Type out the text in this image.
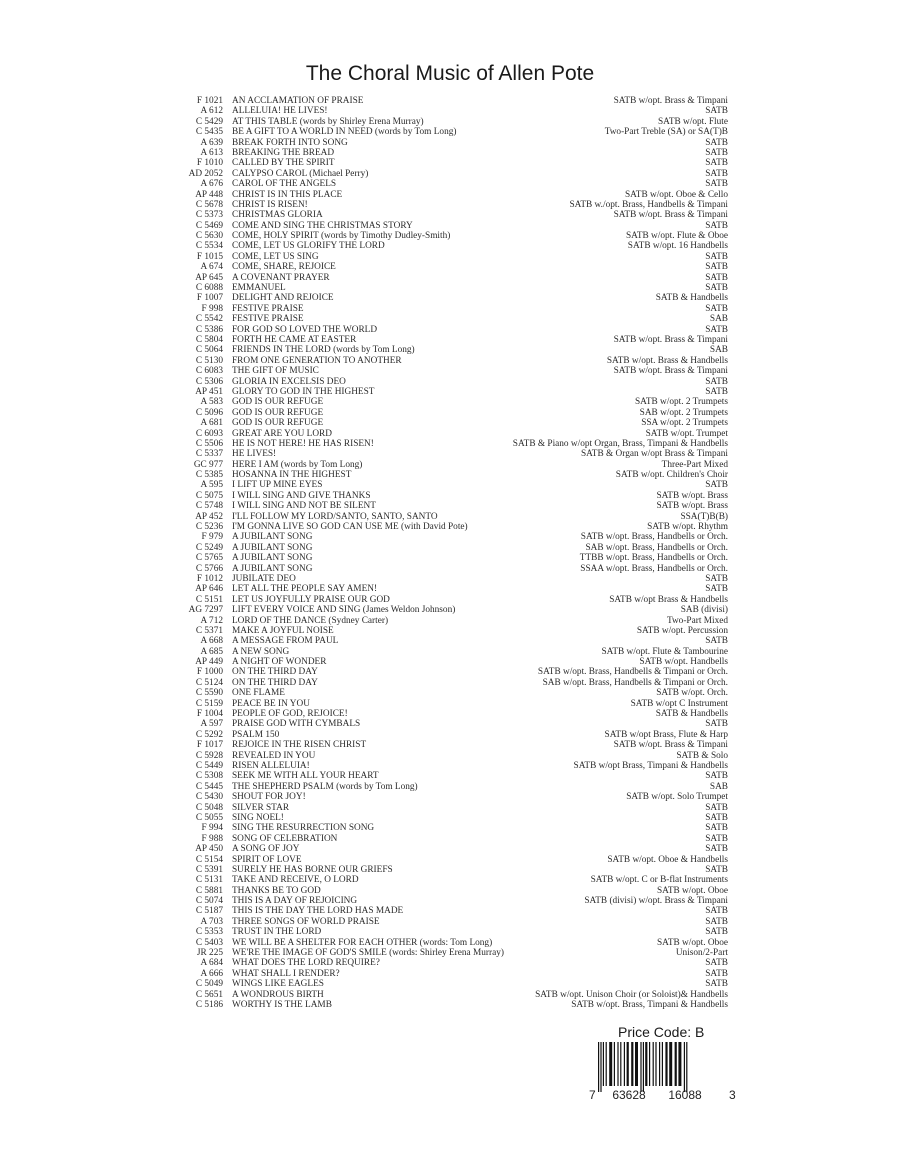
The Choral Music of Allen Pote
F 1021 AN ACCLAMATION OF PRAISE	SATB w/opt. Brass & Timpani
A 612 ALLELUIA! HE LIVES!	SATB
C 5429 AT THIS TABLE (words by Shirley Erena Murray)	SATB w/opt. Flute
C 5435 BE A GIFT TO A WORLD IN NEED (words by Tom Long)	Two-Part Treble (SA) or SA(T)B
A 639 BREAK FORTH INTO SONG	SATB
A 613 BREAKING THE BREAD	SATB
F 1010 CALLED BY THE SPIRIT	SATB
AD 2052 CALYPSO CAROL (Michael Perry)	SATB
A 676 CAROL OF THE ANGELS	SATB
AP 448 CHRIST IS IN THIS PLACE	SATB w/opt. Oboe & Cello
C 5678 CHRIST IS RISEN!	SATB w./opt. Brass, Handbells & Timpani
C 5373 CHRISTMAS GLORIA	SATB w/opt. Brass & Timpani
C 5469 COME AND SING THE CHRISTMAS STORY	SATB
C 5630 COME, HOLY SPIRIT (words by Timothy Dudley-Smith)	SATB w/opt. Flute & Oboe
C 5534 COME, LET US GLORIFY THE LORD	SATB w/opt. 16 Handbells
F 1015 COME, LET US SING	SATB
A 674 COME, SHARE, REJOICE	SATB
AP 645 A COVENANT PRAYER	SATB
C 6088 EMMANUEL	SATB
F 1007 DELIGHT AND REJOICE	SATB & Handbells
F 998 FESTIVE PRAISE	SATB
C 5542 FESTIVE PRAISE	SAB
C 5386 FOR GOD SO LOVED THE WORLD	SATB
C 5804 FORTH HE CAME AT EASTER	SATB w/opt. Brass & Timpani
C 5064 FRIENDS IN THE LORD (words by Tom Long)	SAB
C 5130 FROM ONE GENERATION TO ANOTHER	SATB w/opt. Brass & Handbells
C 6083 THE GIFT OF MUSIC	SATB w/opt. Brass & Timpani
C 5306 GLORIA IN EXCELSIS DEO	SATB
AP 451 GLORY TO GOD IN THE HIGHEST	SATB
A 583 GOD IS OUR REFUGE	SATB w/opt. 2 Trumpets
C 5096 GOD IS OUR REFUGE	SAB w/opt. 2 Trumpets
A 681 GOD IS OUR REFUGE	SSA w/opt. 2 Trumpets
C 6093 GREAT ARE YOU LORD	SATB w/opt. Trumpet
C 5506 HE IS NOT HERE! HE HAS RISEN!	SATB & Piano w/opt Organ, Brass, Timpani & Handbells
C 5337 HE LIVES!	SATB & Organ w/opt Brass & Timpani
GC 977 HERE I AM (words by Tom Long)	Three-Part Mixed
C 5385 HOSANNA IN THE HIGHEST	SATB w/opt. Children's Choir
A 595 I LIFT UP MINE EYES	SATB
C 5075 I WILL SING AND GIVE THANKS	SATB w/opt. Brass
C 5748 I WILL SING AND NOT BE SILENT	SATB w/opt. Brass
AP 452 I'LL FOLLOW MY LORD/SANTO, SANTO, SANTO	SSA(T)B(B)
C 5236 I'M GONNA LIVE SO GOD CAN USE ME (with David Pote)	SATB w/opt. Rhythm
F 979 A JUBILANT SONG	SATB w/opt. Brass, Handbells or Orch.
C 5249 A JUBILANT SONG	SAB w/opt. Brass, Handbells or Orch.
C 5765 A JUBILANT SONG	TTBB w/opt. Brass, Handbells or Orch.
C 5766 A JUBILANT SONG	SSAA w/opt. Brass, Handbells or Orch.
F 1012 JUBILATE DEO	SATB
AP 646 LET ALL THE PEOPLE SAY AMEN!	SATB
C 5151 LET US JOYFULLY PRAISE OUR GOD	SATB w/opt Brass & Handbells
AG 7297 LIFT EVERY VOICE AND SING (James Weldon Johnson)	SAB (divisi)
A 712 LORD OF THE DANCE (Sydney Carter)	Two-Part Mixed
C 5371 MAKE A JOYFUL NOISE	SATB w/opt. Percussion
A 668 A MESSAGE FROM PAUL	SATB
A 685 A NEW SONG	SATB w/opt. Flute & Tambourine
AP 449 A NIGHT OF WONDER	SATB w/opt. Handbells
F 1000 ON THE THIRD DAY	SATB w/opt. Brass, Handbells & Timpani or Orch.
C 5124 ON THE THIRD DAY	SAB w/opt. Brass, Handbells & Timpani or Orch.
C 5590 ONE FLAME	SATB w/opt. Orch.
C 5159 PEACE BE IN YOU	SATB w/opt C Instrument
F 1004 PEOPLE OF GOD, REJOICE!	SATB & Handbells
A 597 PRAISE GOD WITH CYMBALS	SATB
C 5292 PSALM 150	SATB w/opt Brass, Flute & Harp
F 1017 REJOICE IN THE RISEN CHRIST	SATB w/opt. Brass & Timpani
C 5928 REVEALED IN YOU	SATB & Solo
C 5449 RISEN ALLELUIA!	SATB w/opt Brass, Timpani & Handbells
C 5308 SEEK ME WITH ALL YOUR HEART	SATB
C 5445 THE SHEPHERD PSALM (words by Tom Long)	SAB
C 5430 SHOUT FOR JOY!	SATB w/opt. Solo Trumpet
C 5048 SILVER STAR	SATB
C 5055 SING NOEL!	SATB
F 994 SING THE RESURRECTION SONG	SATB
F 988 SONG OF CELEBRATION	SATB
AP 450 A SONG OF JOY	SATB
C 5154 SPIRIT OF LOVE	SATB w/opt. Oboe & Handbells
C 5391 SURELY HE HAS BORNE OUR GRIEFS	SATB
C 5131 TAKE AND RECEIVE, O LORD	SATB w/opt. C or B-flat Instruments
C 5881 THANKS BE TO GOD	SATB w/opt. Oboe
C 5074 THIS IS A DAY OF REJOICING	SATB (divisi) w/opt. Brass & Timpani
C 5187 THIS IS THE DAY THE LORD HAS MADE	SATB
A 703 THREE SONGS OF WORLD PRAISE	SATB
C 5353 TRUST IN THE LORD	SATB
C 5403 WE WILL BE A SHELTER FOR EACH OTHER (words: Tom Long)	SATB w/opt. Oboe
JR 225 WE'RE THE IMAGE OF GOD'S SMILE (words: Shirley Erena Murray)	Unison/2-Part
A 684 WHAT DOES THE LORD REQUIRE?	SATB
A 666 WHAT SHALL I RENDER?	SATB
C 5049 WINGS LIKE EAGLES	SATB
C 5651 A WONDROUS BIRTH	SATB w/opt. Unison Choir (or Soloist)& Handbells
C 5186 WORTHY IS THE LAMB	SATB w/opt. Brass, Timpani & Handbells
Price Code: B
7	63628	16088	3
